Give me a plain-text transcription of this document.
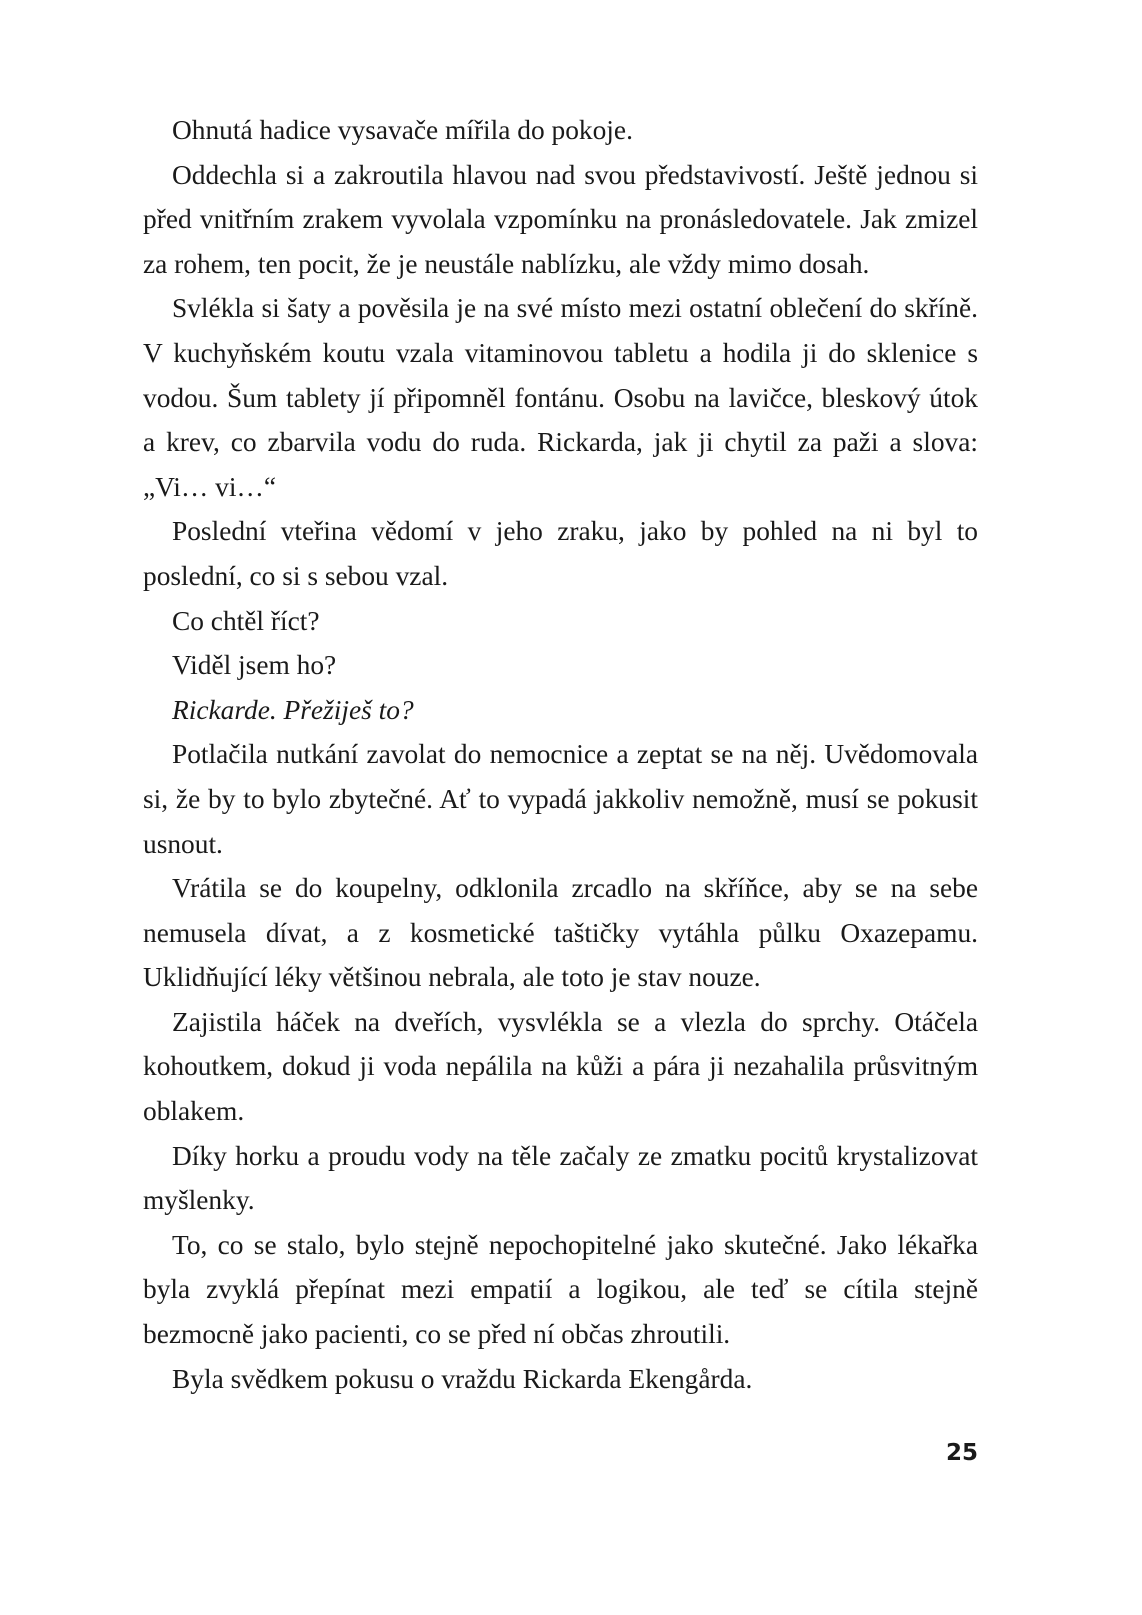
Ohnutá hadice vysavače mířila do pokoje.

Oddechla si a zakroutila hlavou nad svou představivostí. Ještě jednou si před vnitřním zrakem vyvolala vzpomínku na pronásledovatele. Jak zmizel za rohem, ten pocit, že je neustále nablízku, ale vždy mimo dosah.

Svlékla si šaty a pověsila je na své místo mezi ostatní oblečení do skříně. V kuchyňském koutu vzala vitaminovou tabletu a hodila ji do sklenice s vodou. Šum tablety jí připomněl fontánu. Osobu na lavičce, bleskový útok a krev, co zbarvila vodu do ruda. Rickarda, jak ji chytil za paži a slova: „Vi… vi…“

Poslední vteřina vědomí v jeho zraku, jako by pohled na ni byl to poslední, co si s sebou vzal.

Co chtěl říct?

Viděl jsem ho?

Rickarde. Přežiješ to?

Potlačila nutkání zavolat do nemocnice a zeptat se na něj. Uvědomovala si, že by to bylo zbytečné. Ať to vypadá jakkoliv nemožně, musí se pokusit usnout.

Vrátila se do koupelny, odklonila zrcadlo na skříňce, aby se na sebe nemusela dívat, a z kosmetické taštičky vytáhla půlku Oxazepamu. Uklidňující léky většinou nebrala, ale toto je stav nouze.

Zajistila háček na dveřích, vysvlékla se a vlezla do sprchy. Otáčela kohoutkem, dokud ji voda nepálila na kůži a pára ji nezahalila průsvitným oblakem.

Díky horku a proudu vody na těle začaly ze zmatku pocitů krystalizovat myšlenky.

To, co se stalo, bylo stejně nepochopitelné jako skutečné. Jako lékařka byla zvyklá přepínat mezi empatií a logikou, ale teď se cítila stejně bezmocně jako pacienti, co se před ní občas zhroutili.

Byla svědkem pokusu o vraždu Rickarda Ekengårda.

25
